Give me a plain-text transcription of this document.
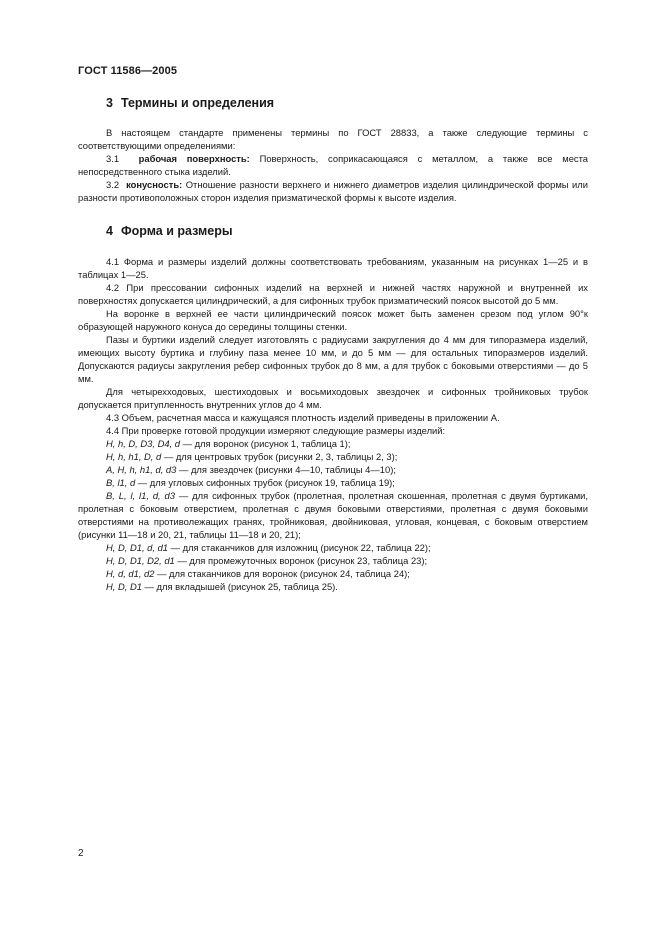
ГОСТ 11586—2005
3 Термины и определения

В настоящем стандарте применены термины по ГОСТ 28833, а также следующие термины с соответствующими определениями:

3.1 рабочая поверхность: Поверхность, соприкасающаяся с металлом, а также все места непосредственного стыка изделий.

3.2 конусность: Отношение разности верхнего и нижнего диаметров изделия цилиндрической формы или разности противоположных сторон изделия призматической формы к высоте изделия.

4 Форма и размеры

4.1 Форма и размеры изделий должны соответствовать требованиям, указанным на рисунках 1—25 и в таблицах 1—25.

4.2 При прессовании сифонных изделий на верхней и нижней частях наружной и внутренней их поверхностях допускается цилиндрический, а для сифонных трубок призматический поясок высотой до 5 мм.

На воронке в верхней ее части цилиндрический поясок может быть заменен срезом под углом 90°к образующей наружного конуса до середины толщины стенки.

Пазы и буртики изделий следует изготовлять с радиусами закругления до 4 мм для типоразмера изделий, имеющих высоту буртика и глубину паза менее 10 мм, и до 5 мм — для остальных типоразмеров изделий. Допускаются радиусы закругления ребер сифонных трубок до 8 мм, а для трубок с боковыми отверстиями — до 5 мм.

Для четырехходовых, шестиходовых и восьмиходовых звездочек и сифонных тройниковых трубок допускается притупленность внутренних углов до 4 мм.

4.3 Объем, расчетная масса и кажущаяся плотность изделий приведены в приложении А.

4.4 При проверке готовой продукции измеряют следующие размеры изделий:

H, h, D, D3, D4, d — для воронок (рисунок 1, таблица 1);

H, h, h1, D, d — для центровых трубок (рисунки 2, 3, таблицы 2, 3);

A, H, h, h1, d, d3 — для звездочек (рисунки 4—10, таблицы 4—10);

B, l1, d — для угловых сифонных трубок (рисунок 19, таблица 19);

B, L, l, l1, d, d3 — для сифонных трубок (пролетная, пролетная скошенная, пролетная с двумя буртиками, пролетная с боковым отверстием, пролетная с двумя боковыми отверстиями, пролетная с двумя боковыми отверстиями на противолежащих гранях, тройниковая, двойниковая, угловая, концевая, с боковым отверстием (рисунки 11—18 и 20, 21, таблицы 11—18 и 20, 21);

H, D, D1, d, d1 — для стаканчиков для изложниц (рисунок 22, таблица 22);

H, D, D1, D2, d1 — для промежуточных воронок (рисунок 23, таблица 23);

H, d, d1, d2 — для стаканчиков для воронок (рисунок 24, таблица 24);

H, D, D1 — для вкладышей (рисунок 25, таблица 25).

2
